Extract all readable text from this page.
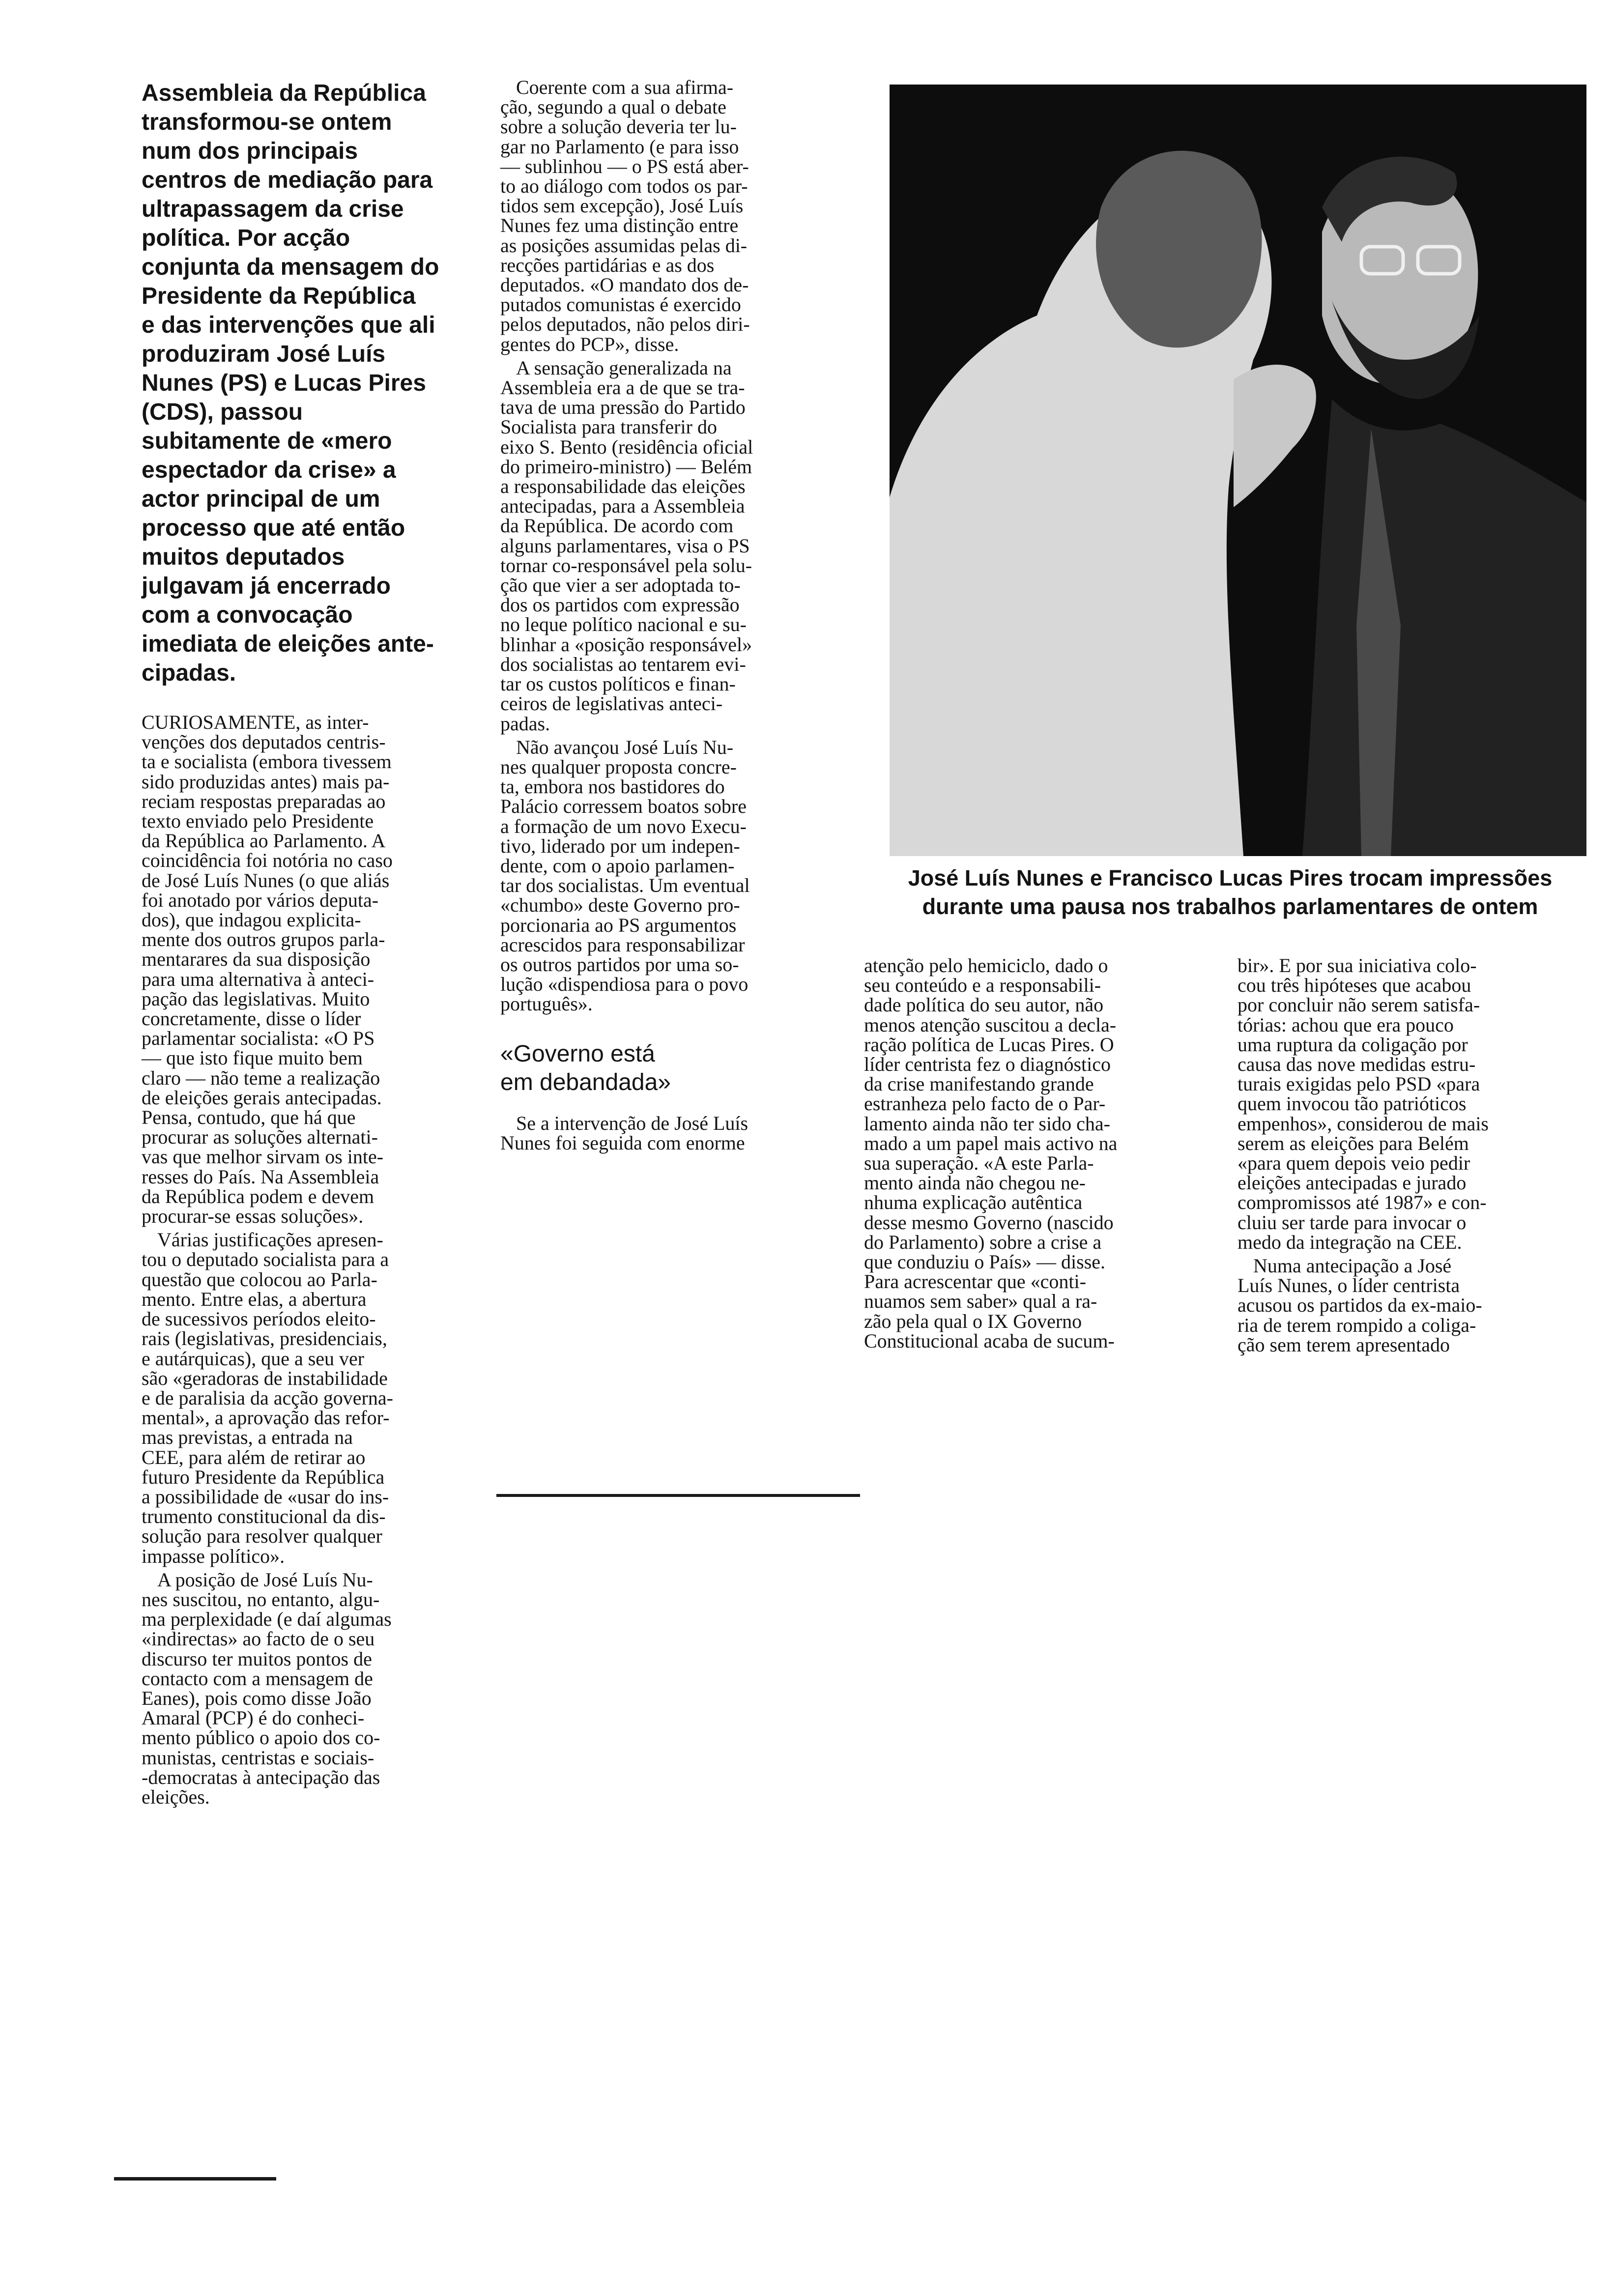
Assembleia da República
transformou-se ontem
num dos principais
centros de mediação para
ultrapassagem da crise
política. Por acção
conjunta da mensagem do
Presidente da República
e das intervenções que ali
produziram José Luís
Nunes (PS) e Lucas Pires
(CDS), passou
subitamente de «mero
espectador da crise» a
actor principal de um
processo que até então
muitos deputados
julgavam já encerrado
com a convocação
imediata de eleições ante-
cipadas.

CURIOSAMENTE, as inter-
venções dos deputados centris-
ta e socialista (embora tivessem
sido produzidas antes) mais pa-
reciam respostas preparadas ao
texto enviado pelo Presidente
da República ao Parlamento. A
coincidência foi notória no caso
de José Luís Nunes (o que aliás
foi anotado por vários deputa-
dos), que indagou explicita-
mente dos outros grupos parla-
mentarares da sua disposição
para uma alternativa à antecі-
pação das legislativas. Muito
concretamente, disse o líder
parlamentar socialista: «O PS
— que isto fique muito bem
claro — não teme a realização
de eleições gerais antecipadas.
Pensa, contudo, que há que
procurar as soluções alternati-
vas que melhor sirvam os inte-
resses do País. Na Assembleia
da República podem e devem
procurar-se essas soluções».

Várias justificações apresen-
tou o deputado socialista para a
questão que colocou ao Parla-
mento. Entre elas, a abertura
de sucessivos períodos eleito-
rais (legislativas, presidenciais,
e autárquicas), que a seu ver
são «geradoras de instabilidade
e de paralisia da acção governa-
mental», a aprovação das refor-
mas previstas, a entrada na
CEE, para além de retirar ao
futuro Presidente da República
a possibilidade de «usar do ins-
trumento constitucional da dis-
solução para resolver qualquer
impasse político».

A posição de José Luís Nu-
nes suscitou, no entanto, algu-
ma perplexidade (e daí algumas
«indirectas» ao facto de o seu
discurso ter muitos pontos de
contacto com a mensagem de
Eanes), pois como disse João
Amaral (PCP) é do conheci-
mento público o apoio dos co-
munistas, centristas e sociais-
-democratas à antecipação das
eleições.

Coerente com a sua afirma-
ção, segundo a qual o debate
sobre a solução deveria ter lu-
gar no Parlamento (e para isso
— sublinhou — o PS está aber-
to ao diálogo com todos os par-
tidos sem excepção), José Luís
Nunes fez uma distinção entre
as posições assumidas pelas di-
recções partidárias e as dos
deputados. «O mandato dos de-
putados comunistas é exercido
pelos deputados, não pelos diri-
gentes do PCP», disse.

A sensação generalizada na
Assembleia era a de que se tra-
tava de uma pressão do Partido
Socialista para transferir do
eixo S. Bento (residência oficial
do primeiro-ministro) — Belém
a responsabilidade das eleições
antecipadas, para a Assembleia
da República. De acordo com
alguns parlamentares, visa o PS
tornar co-responsável pela solu-
ção que vier a ser adoptada to-
dos os partidos com expressão
no leque político nacional e su-
blinhar a «posição responsável»
dos socialistas ao tentarem evi-
tar os custos políticos e finan-
ceiros de legislativas anteci-
padas.

Não avançou José Luís Nu-
nes qualquer proposta concre-
ta, embora nos bastidores do
Palácio corressem boatos sobre
a formação de um novo Execu-
tivo, liderado por um indepen-
dente, com o apoio parlamen-
tar dos socialistas. Um eventual
«chumbo» deste Governo pro-
porcionaria ao PS argumentos
acrescidos para responsabilizar
os outros partidos por uma so-
lução «dispendiosa para o povo
português».

«Governo está
em debandada»

Se a intervenção de José Luís
Nunes foi seguida com enorme

José Luís Nunes e Francisco Lucas Pires trocam impressões
durante uma pausa nos trabalhos parlamentares de ontem

atenção pelo hemiciclo, dado o
seu conteúdo e a responsabili-
dade política do seu autor, não
menos atenção suscitou a decla-
ração política de Lucas Pires. O
líder centrista fez o diagnóstico
da crise manifestando grande
estranheza pelo facto de o Par-
lamento ainda não ter sido cha-
mado a um papel mais activo na
sua superação. «A este Parla-
mento ainda não chegou ne-
nhuma explicação autêntica
desse mesmo Governo (nascido
do Parlamento) sobre a crise a
que conduziu o País» — disse.
Para acrescentar que «conti-
nuamos sem saber» qual a ra-
zão pela qual o IX Governo
Constitucional acaba de sucum-

bir». E por sua iniciativa colo-
cou três hipóteses que acabou
por concluir não serem satisfa-
tórias: achou que era pouco
uma ruptura da coligação por
causa das nove medidas estru-
turais exigidas pelo PSD «para
quem invocou tão patrióticos
empenhos», considerou de mais
serem as eleições para Belém
«para quem depois veio pedir
eleições antecipadas e jurado
compromissos até 1987» e con-
cluiu ser tarde para invocar o
medo da integração na CEE.

Numa antecipação a José
Luís Nunes, o líder centrista
acusou os partidos da ex-maio-
ria de terem rompido a coliga-
ção sem terem apresentado
